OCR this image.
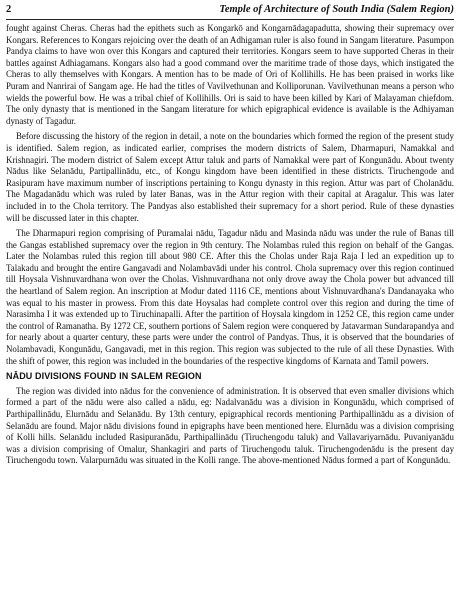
2	Temple of Architecture of South India (Salem Region)

fought against Cheras. Cheras had the epithets such as Kongarkō and Kongarnādagapadutta, showing their supremacy over Kongars. References to Kongars rejoicing over the death of an Adhigaman ruler is also found in Sangam literature. Pasumpon Pandya claims to have won over this Kongars and captured their territories. Kongars seem to have supported Cheras in their battles against Adhiagamans. Kongars also had a good command over the maritime trade of those days, which instigated the Cheras to ally themselves with Kongars. A mention has to be made of Ori of Kollihills. He has been praised in works like Puram and Nanrirai of Sangam age. He had the titles of Vavilvethunan and Kolliporunan. Vavilvethunan means a person who wields the powerful bow. He was a tribal chief of Kollihills. Ori is said to have been killed by Kari of Malayaman chiefdom. The only dynasty that is mentioned in the Sangam literature for which epigraphical evidence is available is the Adhiyaman dynasty of Tagadur.

Before discussing the history of the region in detail, a note on the boundaries which formed the region of the present study is identified. Salem region, as indicated earlier, comprises the modern districts of Salem, Dharmapuri, Namakkal and Krishnagiri. The modern district of Salem except Attur taluk and parts of Namakkal were part of Kongunādu. About twenty Nādus like Selanādu, Partipallinādu, etc., of Kongu kingdom have been identified in these districts. Tiruchengode and Rasipuram have maximum number of inscriptions pertaining to Kongu dynasty in this region. Attur was part of Cholanādu. The Magadanādu which was ruled by later Banas, was in the Attur region with their capital at Aragalur. This was later included in to the Chola territory. The Pandyas also established their supremacy for a short period. Rule of these dynasties will be discussed later in this chapter.

The Dharmapuri region comprising of Puramalai nādu, Tagadur nādu and Masinda nādu was under the rule of Banas till the Gangas established supremacy over the region in 9th century. The Nolambas ruled this region on behalf of the Gangas. Later the Nolambas ruled this region till about 980 CE. After this the Cholas under Raja Raja I led an expedition up to Talakadu and brought the entire Gangavadi and Nolambavādi under his control. Chola supremacy over this region continued till Hoysala Vishnuvardhana won over the Cholas. Vishnuvardhana not only drove away the Chola power but advanced till the heartland of Salem region. An inscription at Modur dated 1116 CE, mentions about Vishnuvardhana's Dandanayaka who was equal to his master in prowess. From this date Hoysalas had complete control over this region and during the time of Narasimha I it was extended up to Tiruchinapalli. After the partition of Hoysala kingdom in 1252 CE, this region came under the control of Ramanatha. By 1272 CE, southern portions of Salem region were conquered by Jatavarman Sundarapandya and for nearly about a quarter century, these parts were under the control of Pandyas. Thus, it is observed that the boundaries of Nolambavadi, Kongunādu, Gangavadi, met in this region. This region was subjected to the rule of all these Dynasties. With the shift of power, this region was included in the boundaries of the respective kingdoms of Karnata and Tamil powers.

NĀDU DIVISIONS FOUND IN SALEM REGION

The region was divided into nādus for the convenience of administration. It is observed that even smaller divisions which formed a part of the nādu were also called a nādu, eg: Nadalvanādu was a division in Kongunādu, which comprised of Parthipallinādu, Elurnādu and Selanādu. By 13th century, epigraphical records mentioning Parthipallinādu as a division of Selanādu are found. Major nādu divisions found in epigraphs have been mentioned here. Elurnādu was a division comprising of Kolli hills. Selanādu included Rasipuranādu, Parthipallinādu (Tiruchengodu taluk) and Vallavariyarnādu. Puvaniyanādu was a division comprising of Omalur, Shankagiri and parts of Tiruchengodu taluk. Tiruchengodenādu is the present day Tiruchengodu town. Valarpurnādu was situated in the Kolli range. The above-mentioned Nādus formed a part of Kongunādu.
